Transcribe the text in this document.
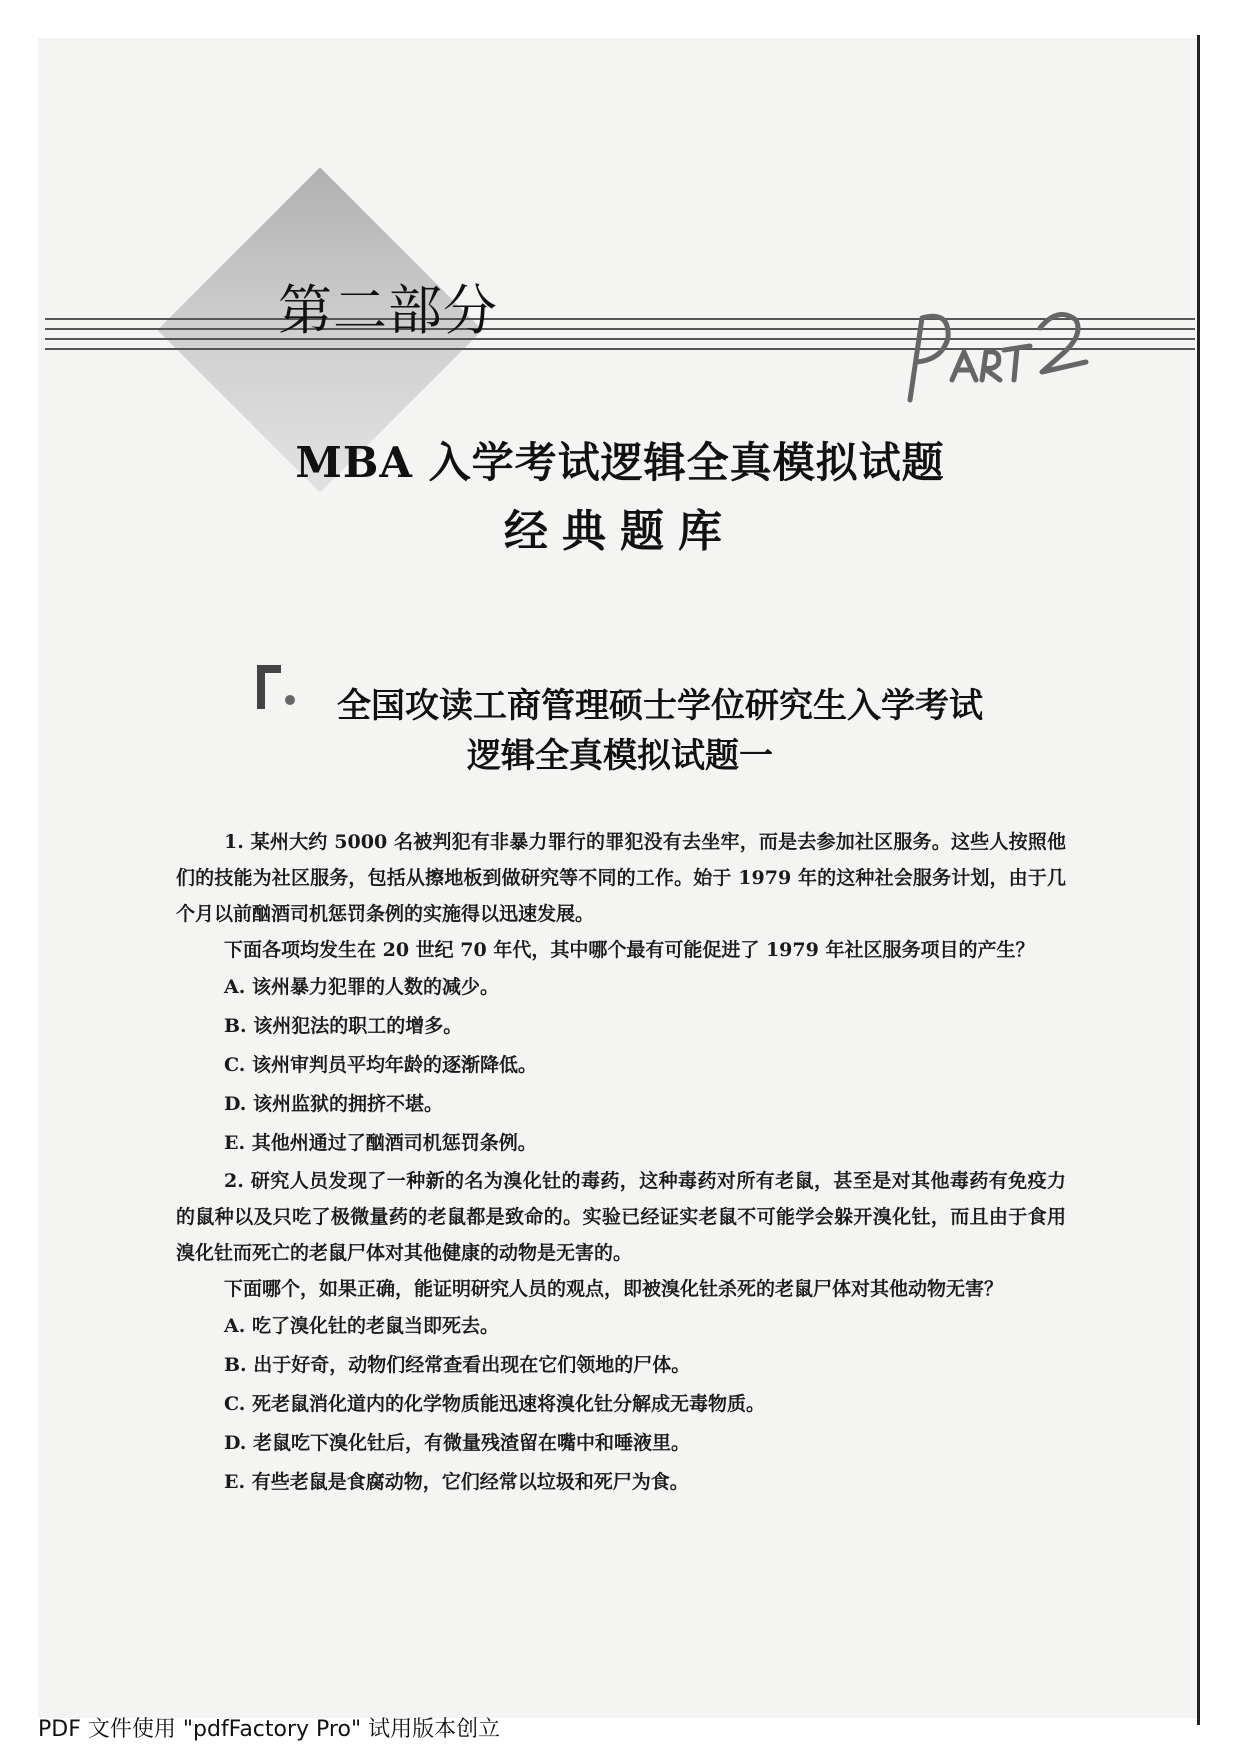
第二部分
MBA 入学考试逻辑全真模拟试题
经典题库
全国攻读工商管理硕士学位研究生入学考试
逻辑全真模拟试题一

1. 某州大约 5000 名被判犯有非暴力罪行的罪犯没有去坐牢，而是去参加社区服务。这些人按照他们的技能为社区服务，包括从擦地板到做研究等不同的工作。始于 1979 年的这种社会服务计划，由于几个月以前酗酒司机惩罚条例的实施得以迅速发展。

下面各项均发生在 20 世纪 70 年代，其中哪个最有可能促进了 1979 年社区服务项目的产生？

A. 该州暴力犯罪的人数的减少。

B. 该州犯法的职工的增多。

C. 该州审判员平均年龄的逐渐降低。

D. 该州监狱的拥挤不堪。

E. 其他州通过了酗酒司机惩罚条例。

2. 研究人员发现了一种新的名为溴化钍的毒药，这种毒药对所有老鼠，甚至是对其他毒药有免疫力的鼠种以及只吃了极微量药的老鼠都是致命的。实验已经证实老鼠不可能学会躲开溴化钍，而且由于食用溴化钍而死亡的老鼠尸体对其他健康的动物是无害的。

下面哪个，如果正确，能证明研究人员的观点，即被溴化钍杀死的老鼠尸体对其他动物无害？

A. 吃了溴化钍的老鼠当即死去。

B. 出于好奇，动物们经常查看出现在它们领地的尸体。

C. 死老鼠消化道内的化学物质能迅速将溴化钍分解成无毒物质。

D. 老鼠吃下溴化钍后，有微量残渣留在嘴中和唾液里。

E. 有些老鼠是食腐动物，它们经常以垃圾和死尸为食。

PDF 文件使用 "pdfFactory Pro" 试用版本创立
